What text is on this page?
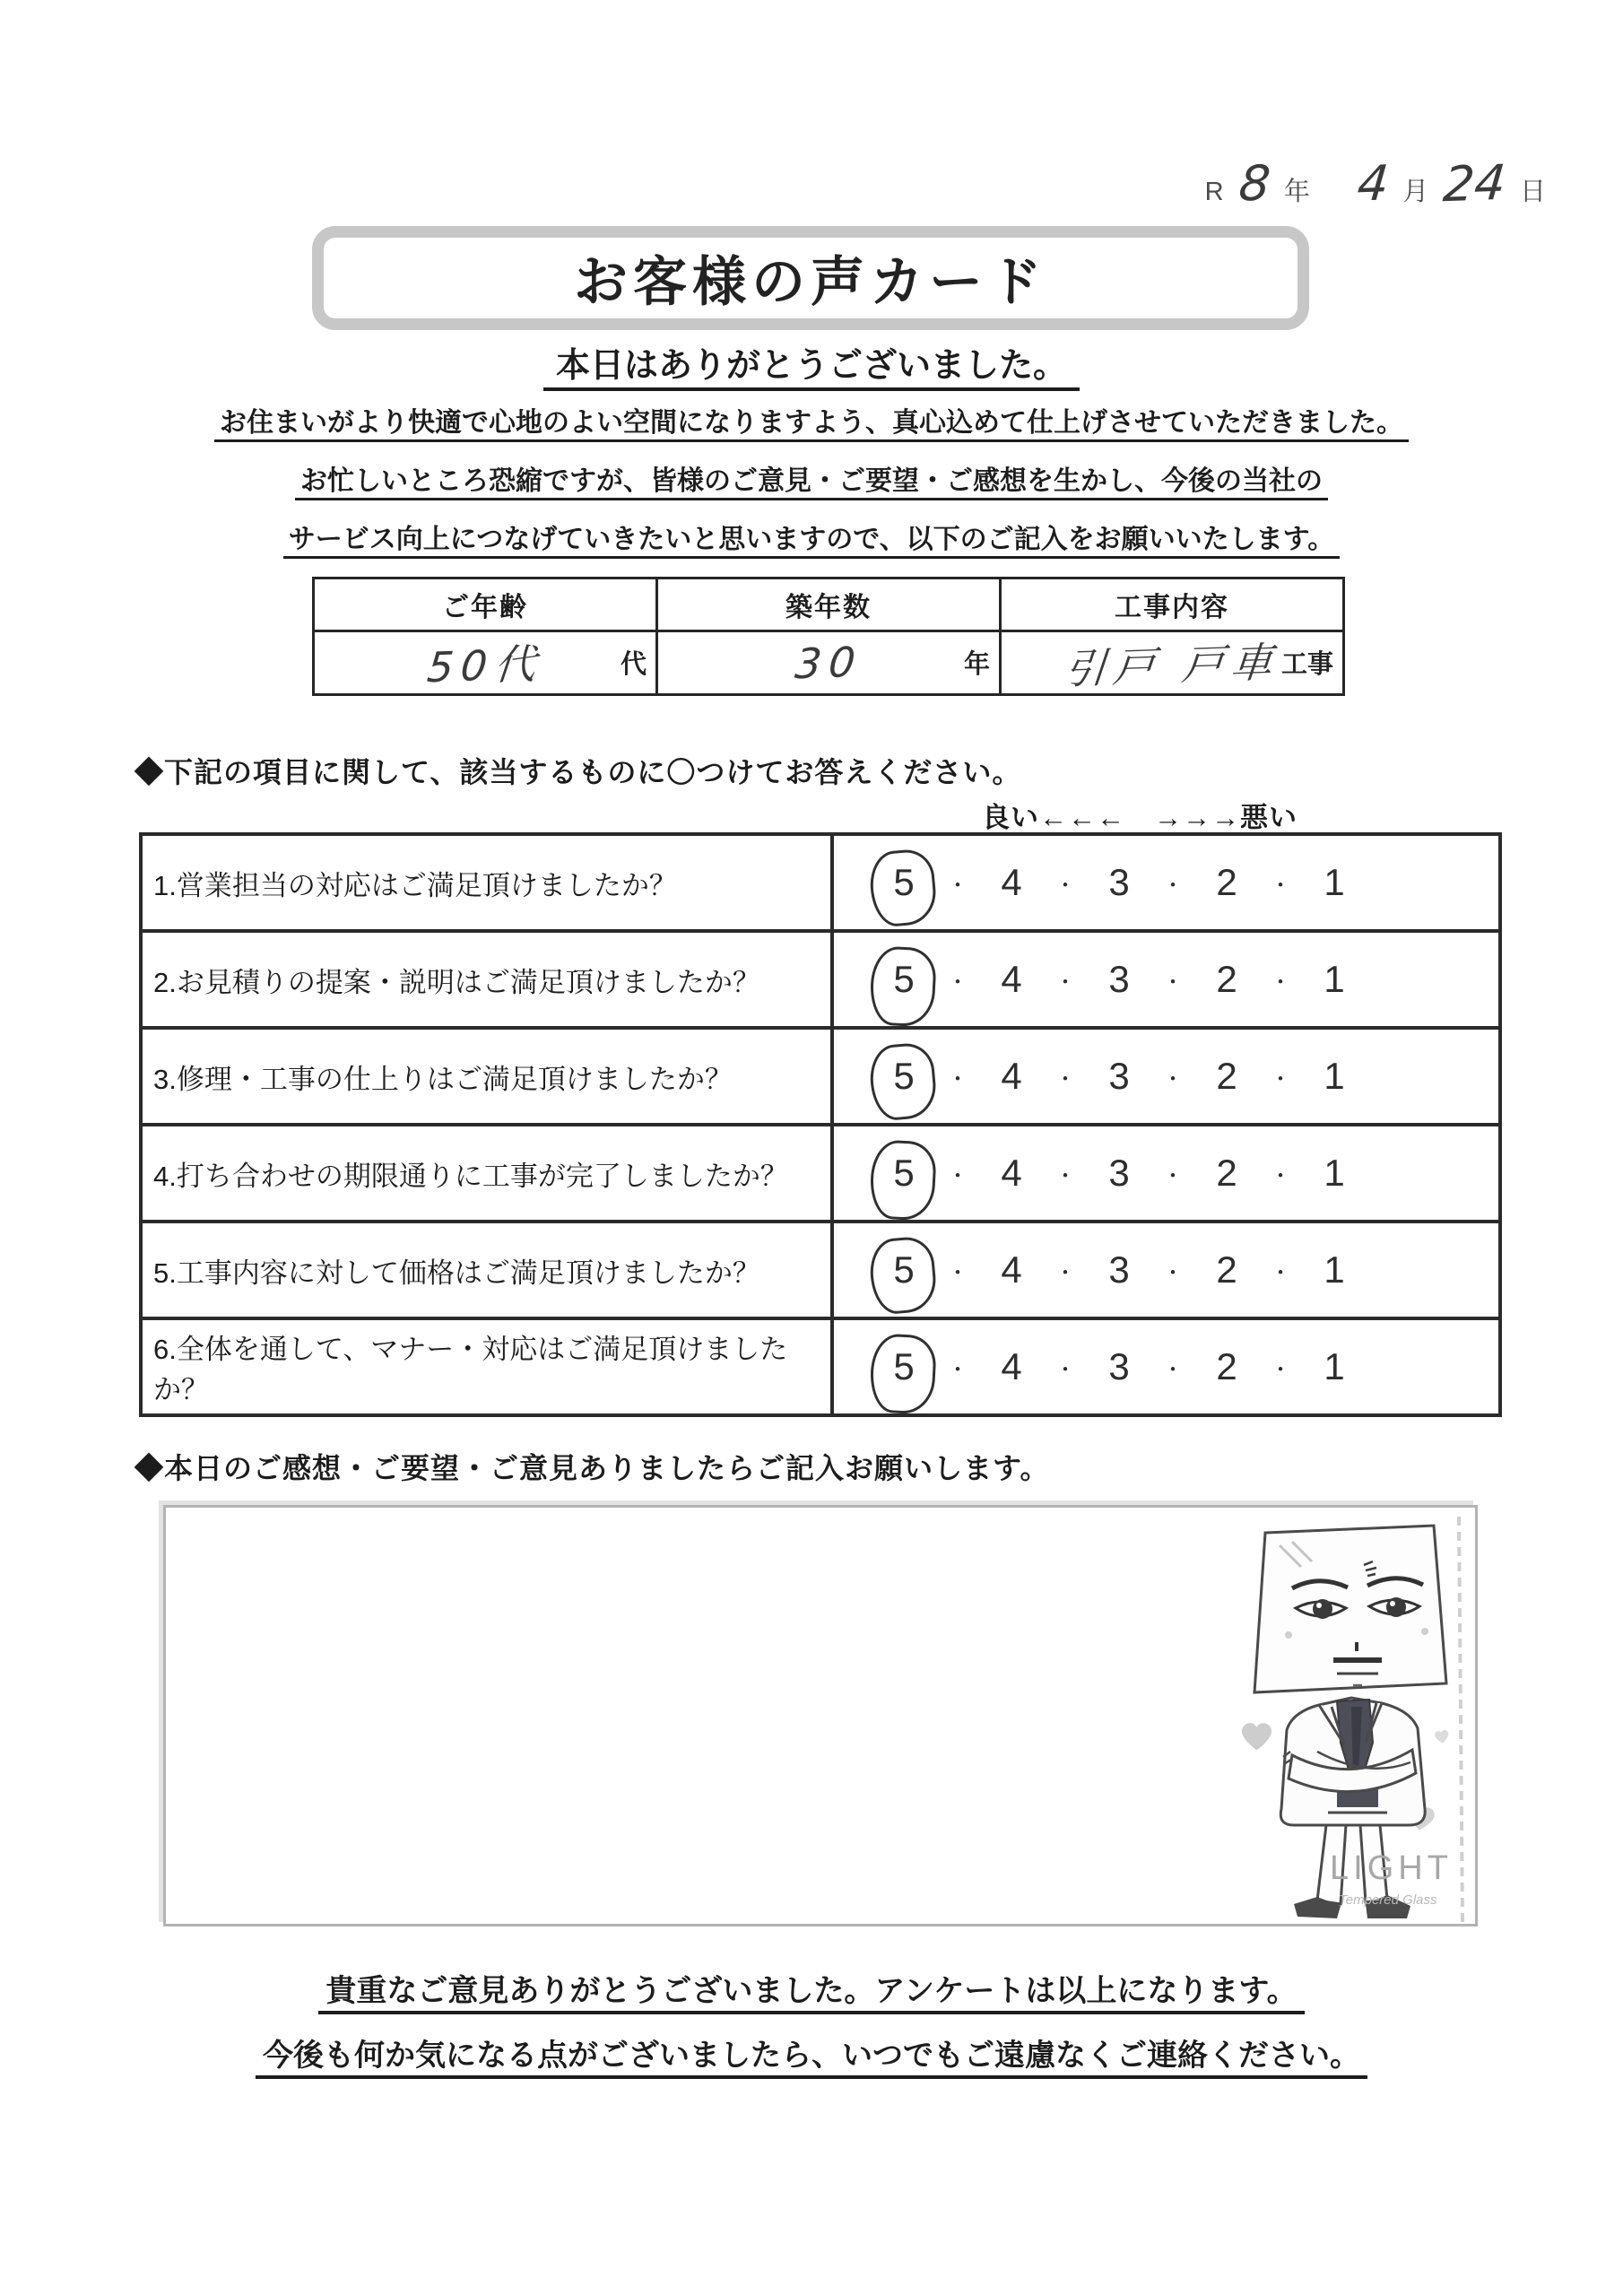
R 8 年 4 月 24 日
お客様の声カード
本日はありがとうございました。
お住まいがより快適で心地のよい空間になりますよう、真心込めて仕上げさせていただきました。
お忙しいところ恐縮ですが、皆様のご意見・ご要望・ご感想を生かし、今後の当社の
サービス向上につなげていきたいと思いますので、以下のご記入をお願いいたします。
ご年齢	築年数	工事内容
50代 代	30 年	引戸 戸車 工事
◆下記の項目に関して、該当するものに〇つけてお答えください。
良い←←←　→→→悪い
1.営業担当の対応はご満足頂けましたか？	5	・ 4	・ 3	・ 2	・ 1

2.お見積りの提案・説明はご満足頂けましたか？	5	・ 4	・ 3	・ 2	・ 1

3.修理・工事の仕上りはご満足頂けましたか？	5	・ 4	・ 3	・ 2	・ 1

4.打ち合わせの期限通りに工事が完了しましたか？	5	・ 4	・ 3	・ 2	・ 1

5.工事内容に対して価格はご満足頂けましたか？	5	・ 4	・ 3	・ 2	・ 1

6.全体を通して、マナー・対応はご満足頂けましたか？	
5	・ 4	・ 3	・ 2	・ 1
◆本日のご感想・ご要望・ご意見ありましたらご記入お願いします。
LIGHT
Tempered Glass
貴重なご意見ありがとうございました。アンケートは以上になります。
今後も何か気になる点がございましたら、いつでもご遠慮なくご連絡ください。
